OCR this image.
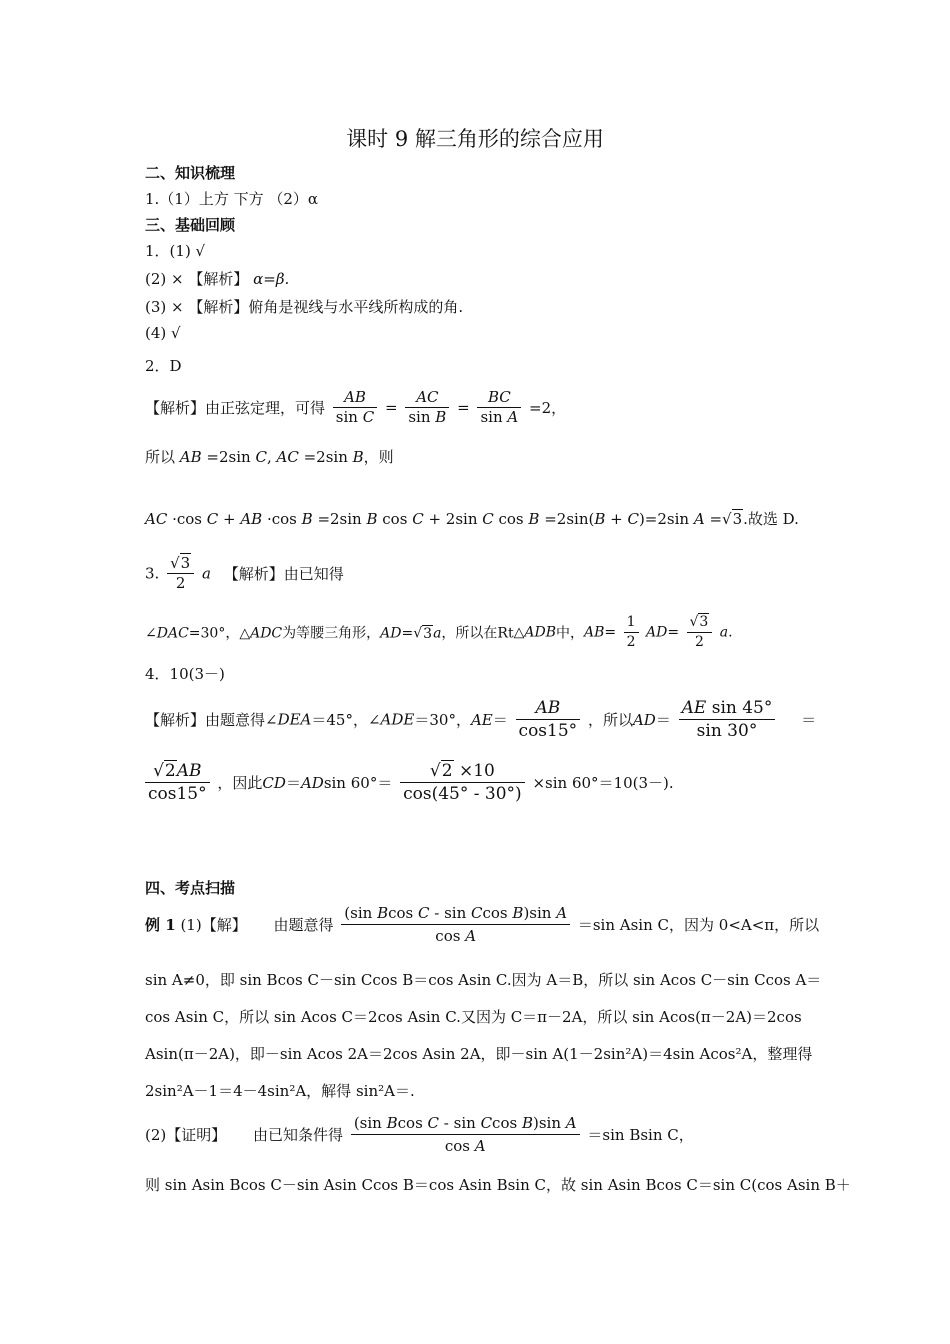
课时 9 解三角形的综合应用
二、知识梳理
1.（1）上方 下方 （2）α
三、基础回顾
1．(1) √
(2) × 【解析】 α=β.
(3) × 【解析】俯角是视线与水平线所构成的角.
(4) √
2．D
【解析】由正弦定理，可得 $\frac{AB}{\text{sin C}} = \frac{AC}{\text{sin B}} = \frac{BC}{\text{sin A}} =2$，
所以 AB =2sin C, AC =2sin B，则
AC ·cos C + AB ·cos B =2sin B cos C + 2sin C cos B =2sin(B + C)=2sin A =√3.故选 D.
3. $\frac{√3}{2}$ a 【解析】由已知得
∠DAC=30°，△ADC为等腰三角形，AD=√3a，所以在Rt△ADB中，$AB= \frac{1}{2} AD= \frac{√3}{2} a$.
4．10(3－)
【解析】由题意得∠DEA＝45°，∠ADE＝30°，$AE= \frac{AB}{\cos 15^\circ}$ ，所以$AD= \frac{\text{AE sin 45°}}{\sin 30^\circ}$ ＝
$\frac{√2AB}{\cos 15^\circ}$ ，因此CD＝ADsin $60^\circ= \frac{√2 \times 10}{\cos(45^\circ - 30^\circ)} \times\sin$ 60°＝10(3－).
四、考点扫描
例 1 (1)【解】 由题意得 $\frac{\text{(sin Bcos C - sin Ccos B)sin A}}{\text{cos A}} =\sin$ Asin C，因为 0<A<π，所以
sin A≠0，即 sin Bcos C－sin Ccos B＝cos Asin C.因为 A＝B，所以 sin Acos C－sin Ccos A＝
cos Asin C，所以 sin Acos C＝2cos Asin C.又因为 C＝π－2A，所以 sin Acos(π－2A)＝2cos
Asin(π－2A)，即－sin Acos 2A＝2cos Asin 2A，即－sin A(1－2sin²A)＝4sin Acos²A，整理得
2sin²A－1＝4－4sin²A，解得 sin²A＝.
(2)【证明】 由已知条件得 $\frac{\text{(sin Bcos C - sin Ccos B)sin A}}{\text{cos A}} =\sin$ Bsin C，
则 sin Asin Bcos C－sin Asin Ccos B＝cos Asin Bsin C，故 sin Asin Bcos C＝sin C(cos Asin B＋
